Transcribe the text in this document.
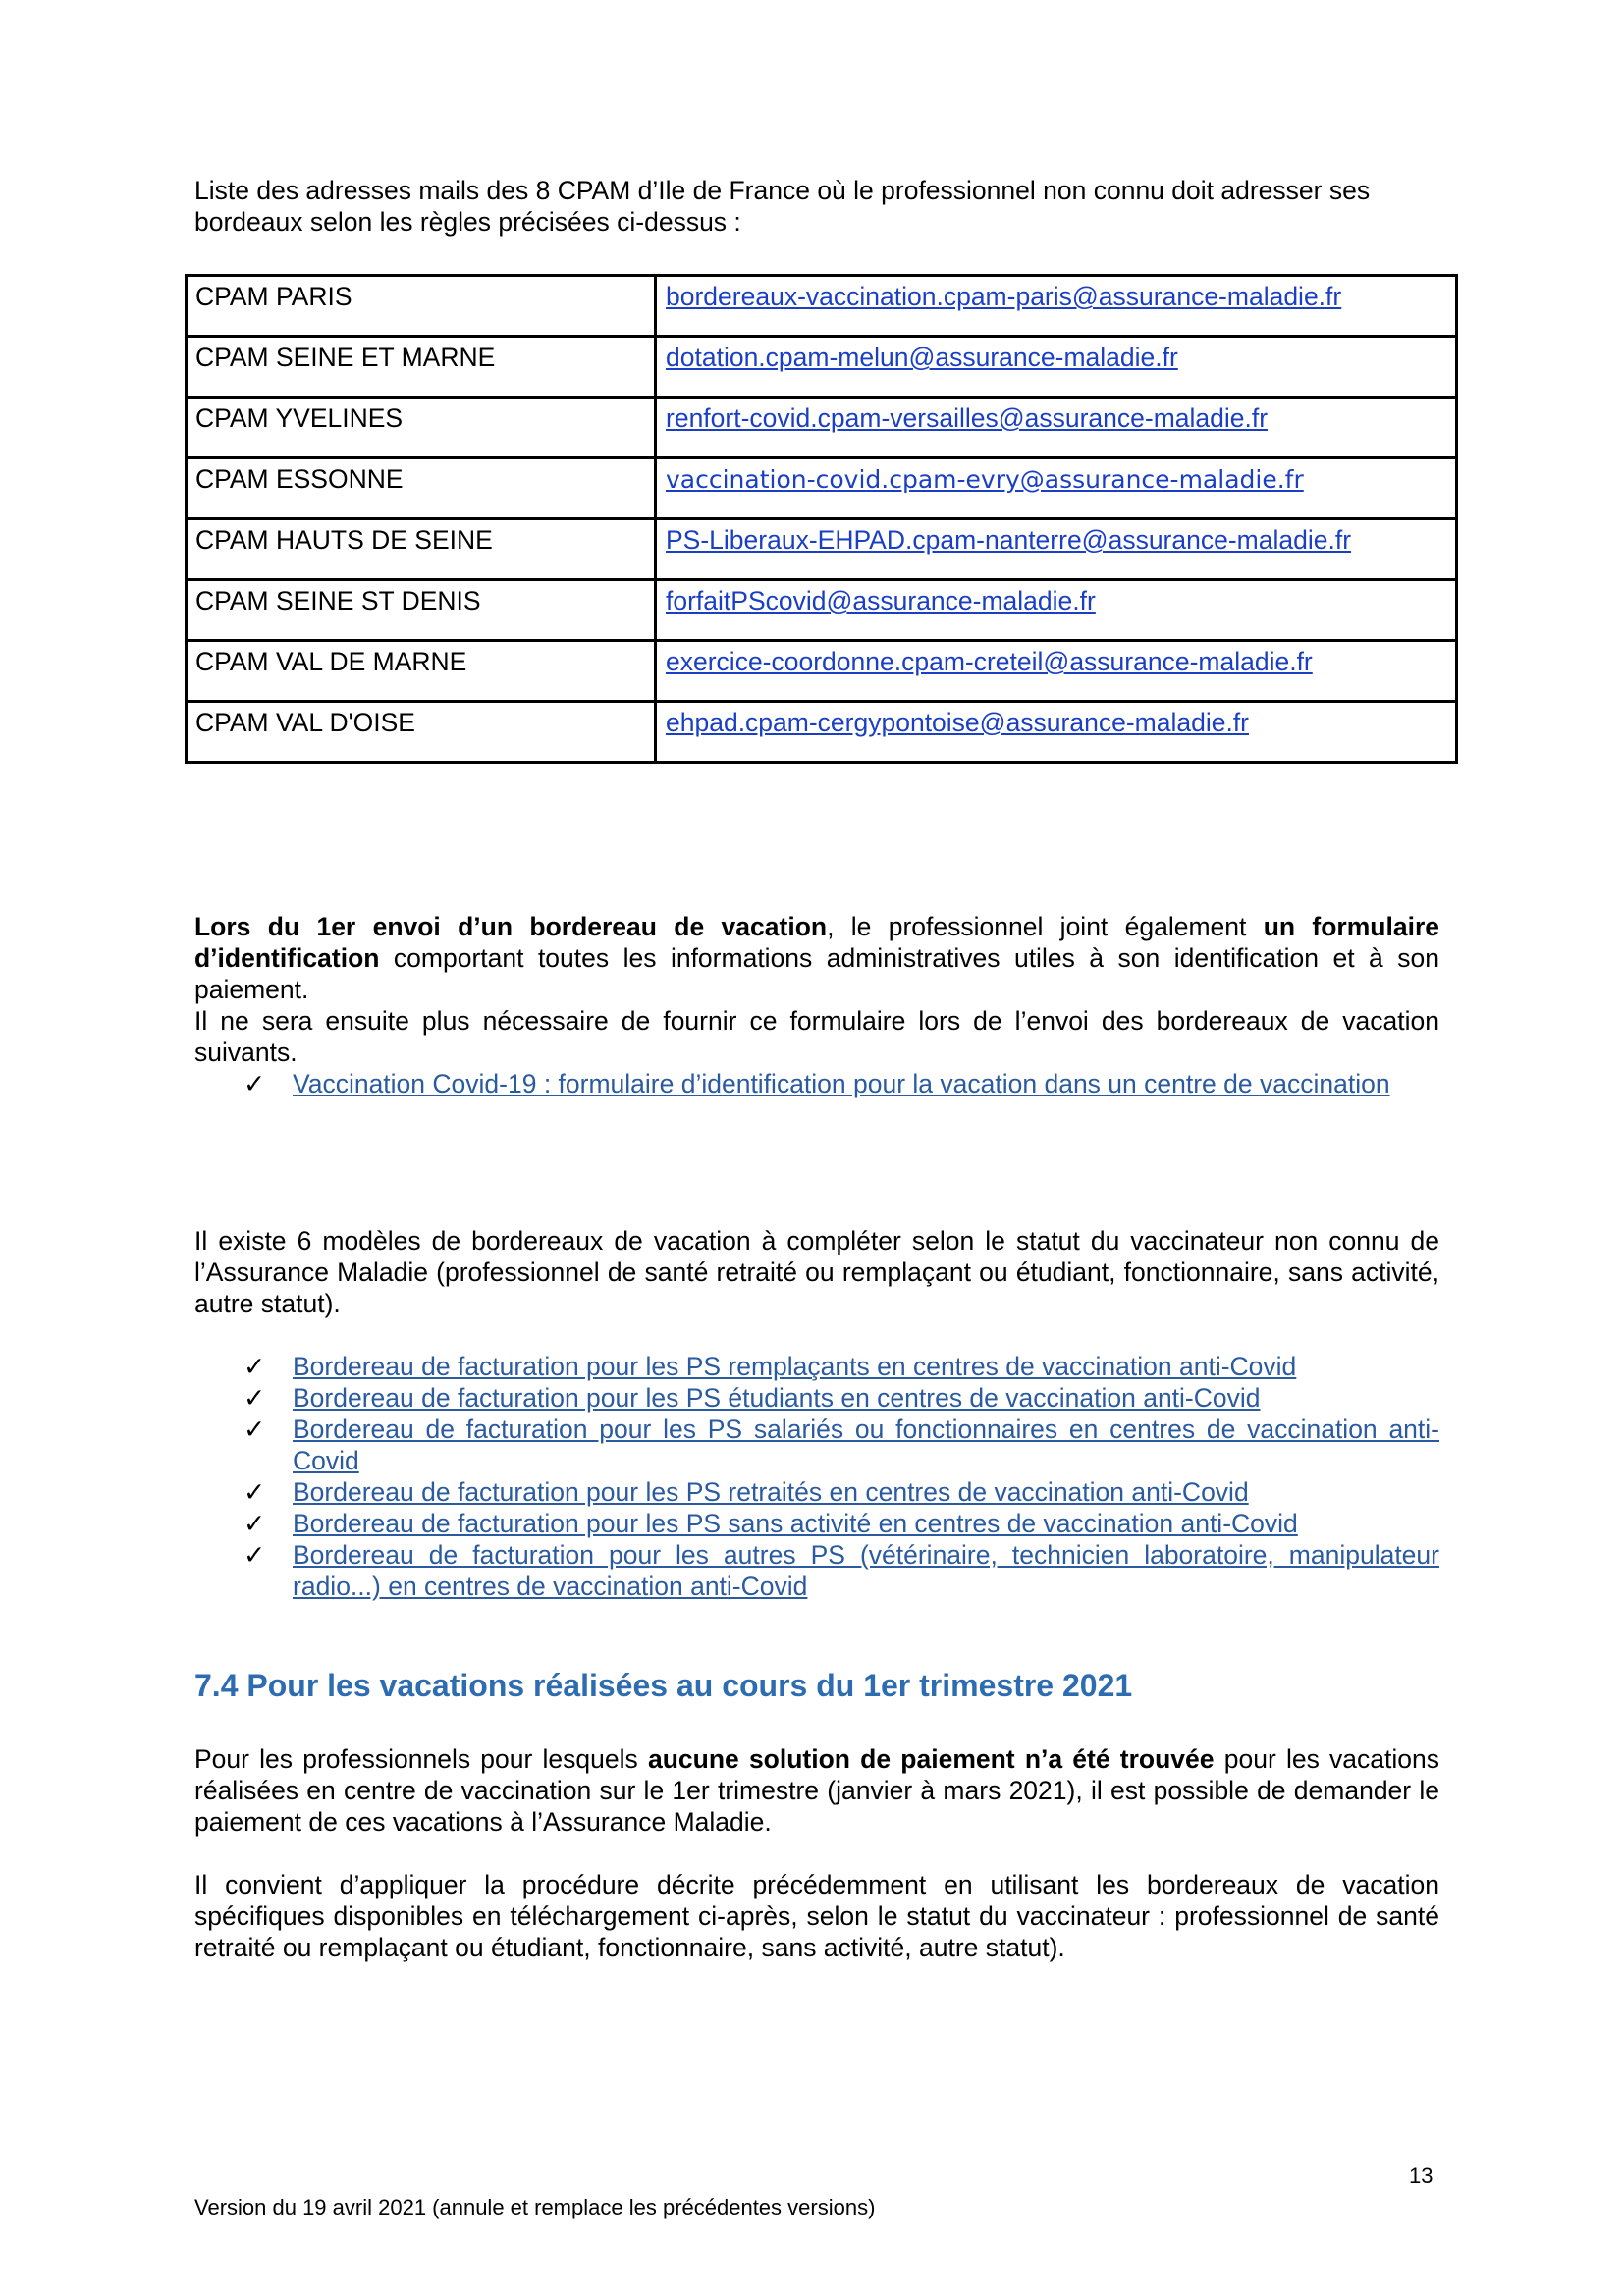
Liste des adresses mails des 8 CPAM d’Ile de France où le professionnel non connu doit adresser ses bordeaux selon les règles précisées ci-dessus :
CPAM PARIS	bordereaux-vaccination.cpam-paris@assurance-maladie.fr
CPAM SEINE ET MARNE	dotation.cpam-melun@assurance-maladie.fr
CPAM YVELINES	renfort-covid.cpam-versailles@assurance-maladie.fr
CPAM ESSONNE	vaccination-covid.cpam-evry@assurance-maladie.fr
CPAM HAUTS DE SEINE	PS-Liberaux-EHPAD.cpam-nanterre@assurance-maladie.fr
CPAM SEINE ST DENIS	forfaitPScovid@assurance-maladie.fr
CPAM VAL DE MARNE	exercice-coordonne.cpam-creteil@assurance-maladie.fr
CPAM VAL D'OISE	ehpad.cpam-cergypontoise@assurance-maladie.fr
Lors du 1er envoi d’un bordereau de vacation, le professionnel joint également un formulaire d’identification comportant toutes les informations administratives utiles à son identification et à son paiement.
Il ne sera ensuite plus nécessaire de fournir ce formulaire lors de l’envoi des bordereaux de vacation suivants.
✓	Vaccination Covid-19 : formulaire d’identification pour la vacation dans un centre de vaccination
Il existe 6 modèles de bordereaux de vacation à compléter selon le statut du vaccinateur non connu de l’Assurance Maladie (professionnel de santé retraité ou remplaçant ou étudiant, fonctionnaire, sans activité, autre statut).
✓	Bordereau de facturation pour les PS remplaçants en centres de vaccination anti-Covid
✓	Bordereau de facturation pour les PS étudiants en centres de vaccination anti-Covid
✓	Bordereau de facturation pour les PS salariés ou fonctionnaires en centres de vaccination anti-Covid
✓	Bordereau de facturation pour les PS retraités en centres de vaccination anti-Covid
✓	Bordereau de facturation pour les PS sans activité en centres de vaccination anti-Covid
✓	Bordereau de facturation pour les autres PS (vétérinaire, technicien laboratoire, manipulateur radio...) en centres de vaccination anti-Covid
7.4 Pour les vacations réalisées au cours du 1er trimestre 2021
Pour les professionnels pour lesquels aucune solution de paiement n’a été trouvée pour les vacations réalisées en centre de vaccination sur le 1er trimestre (janvier à mars 2021), il est possible de demander le paiement de ces vacations à l’Assurance Maladie.
Il convient d’appliquer la procédure décrite précédemment en utilisant les bordereaux de vacation spécifiques disponibles en téléchargement ci-après, selon le statut du vaccinateur : professionnel de santé retraité ou remplaçant ou étudiant, fonctionnaire, sans activité, autre statut).
13
Version du 19 avril 2021 (annule et remplace les précédentes versions)
